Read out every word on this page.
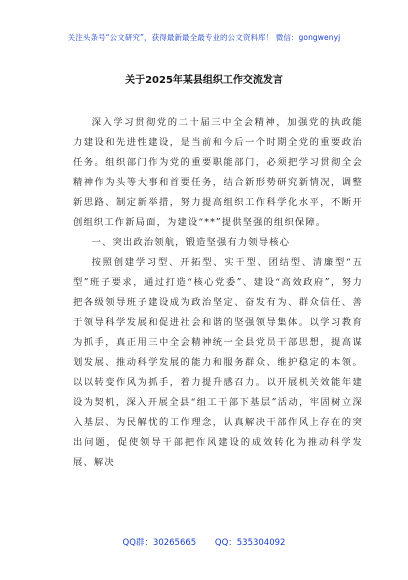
关注头条号“公文研究”，获得最新最全最专业的公文资料库！ 微信：gongwenyj
关于2025年某县组织工作交流发言

深入学习贯彻党的二十届三中全会精神，加强党的执政能力建设和先进性建设，是当前和今后一个时期全党的重要政治任务。组织部门作为党的重要职能部门，必须把学习贯彻全会精神作为头等大事和首要任务，结合新形势研究新情况，调整新思路、制定新举措，努力提高组织工作科学化水平，不断开创组织工作新局面，为建设“**”提供坚强的组织保障。

一、突出政治领航，锻造坚强有力领导核心

按照创建学习型、开拓型、实干型、团结型、清廉型“五型”班子要求，通过打造“核心党委”、建设“高效政府”，努力把各级领导班子建设成为政治坚定、奋发有为、群众信任、善于领导科学发展和促进社会和谐的坚强领导集体。以学习教育为抓手，真正用三中全会精神统一全县党员干部思想，提高谋划发展、推动科学发展的能力和服务群众、维护稳定的本领。以以转变作风为抓手，着力提升感召力。以开展机关效能年建设为契机，深入开展全县“组工干部下基层”活动，牢固树立深入基层、为民解忧的工作理念，认真解决干部作风上存在的突出问题，促使领导干部把作风建设的成效转化为推动科学发展、解决

QQ群：30265665 QQ：535304092
